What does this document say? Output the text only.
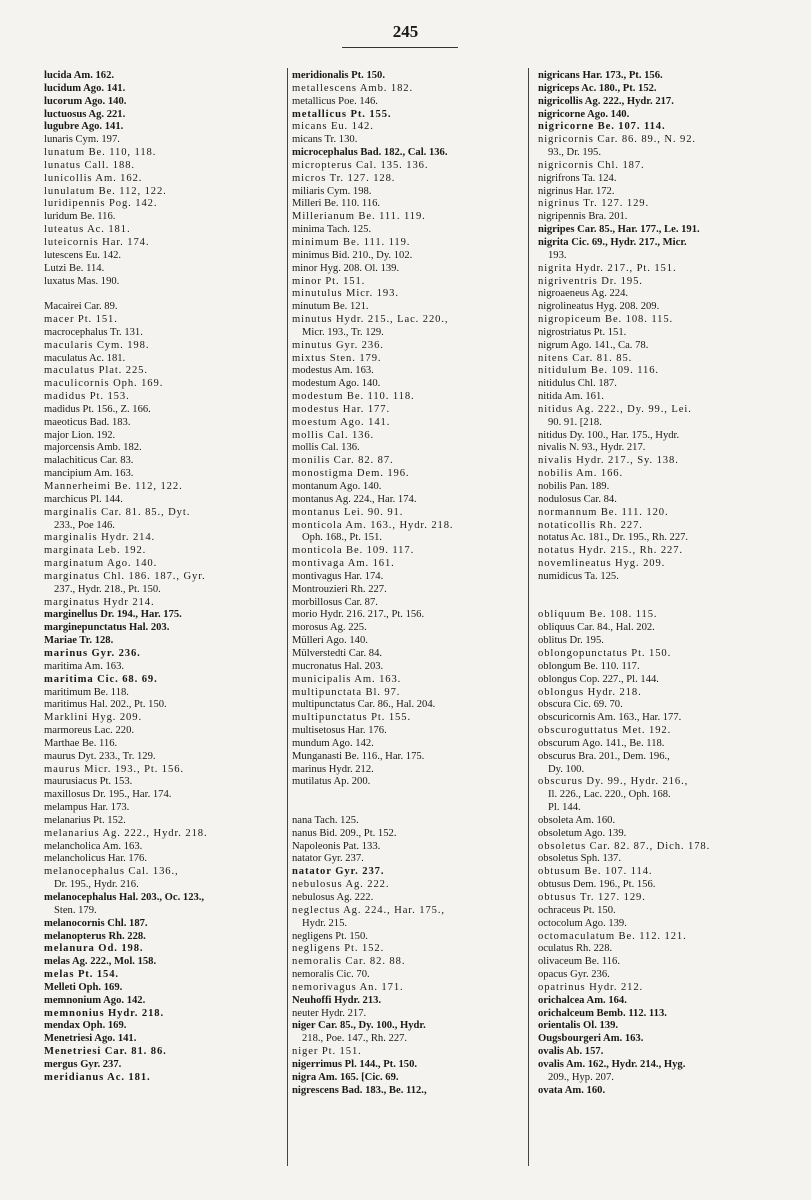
245
lucida Am. 162.
lucidum Ago. 141.
lucorum Ago. 140.
luctuosus Ag. 221.
lugubre Ago. 141.
lunaris Cym. 197.
lunatum Be. 110, 118.
lunatus Call. 188.
lunicollis Am. 162.
lunulatum Be. 112, 122.
luridipennis Pog. 142.
luridum Be. 116.
luteatus Ac. 181.
luteicornis Har. 174.
lutescens Eu. 142.
Lutzi Be. 114.
luxatus Mas. 190.
Macairei Car. 89.
macer Pt. 151.
macrocephalus Tr. 131.
macularis Cym. 198.
maculatus Ac. 181.
maculatus Plat. 225.
maculicornis Oph. 169.
madidus Pt. 153.
madidus Pt. 156., Z. 166.
maeoticus Bad. 183.
major Lion. 192.
majorcensis Amb. 182.
malachiticus Car. 83.
mancipium Am. 163.
Mannerheimi Be. 112, 122.
marchicus Pl. 144.
marginalis Car. 81. 85., Dyt.
233., Poe 146.
marginalis Hydr. 214.
marginata Leb. 192.
marginatum Ago. 140.
marginatus Chl. 186. 187., Gyr.
237., Hydr. 218., Pt. 150.
marginatus Hydr 214.
marginellus Dr. 194., Har. 175.
marginepunctatus Hal. 203.
Mariae Tr. 128.
marinus Gyr. 236.
maritima Am. 163.
maritima Cic. 68. 69.
maritimum Be. 118.
maritimus Hal. 202., Pt. 150.
Marklini Hyg. 209.
marmoreus Lac. 220.
Marthae Be. 116.
maurus Dyt. 233., Tr. 129.
maurus Micr. 193., Pt. 156.
maurusiacus Pt. 153.
maxillosus Dr. 195., Har. 174.
melampus Har. 173.
melanarius Pt. 152.
melanarius Ag. 222., Hydr. 218.
melancholica Am. 163.
melancholicus Har. 176.
melanocephalus Cal. 136.,
Dr. 195., Hydr. 216.
melanocephalus Hal. 203., Oc. 123.,
Sten. 179.
melanocornis Chl. 187.
melanopterus Rh. 228.
melanura Od. 198.
melas Ag. 222., Mol. 158.
melas Pt. 154.
Melleti Oph. 169.
memnonium Ago. 142.
memnonius Hydr. 218.
mendax Oph. 169.
Menetriesi Ago. 141.
Menetriesi Car. 81. 86.
mergus Gyr. 237.
meridianus Ac. 181.
meridionalis Pt. 150.
metallescens Amb. 182.
metallicus Poe. 146.
metallicus Pt. 155.
micans Eu. 142.
micans Tr. 130.
microcephalus Bad. 182., Cal. 136.
micropterus Cal. 135. 136.
micros Tr. 127. 128.
miliaris Cym. 198.
Milleri Be. 110. 116.
Millerianum Be. 111. 119.
minima Tach. 125.
minimum Be. 111. 119.
minimus Bid. 210., Dy. 102.
minor Hyg. 208. Ol. 139.
minor Pt. 151.
minutulus Micr. 193.
minutum Be. 121.
minutus Hydr. 215., Lac. 220.,
Micr. 193., Tr. 129.
minutus Gyr. 236.
mixtus Sten. 179.
modestus Am. 163.
modestum Ago. 140.
modestum Be. 110. 118.
modestus Har. 177.
moestum Ago. 141.
mollis Cal. 136.
mollis Cal. 136.
monilis Car. 82. 87.
monostigma Dem. 196.
montanum Ago. 140.
montanus Ag. 224., Har. 174.
montanus Lei. 90. 91.
monticola Am. 163., Hydr. 218.
Oph. 168., Pt. 151.
monticola Be. 109. 117.
montivaga Am. 161.
montivagus Har. 174.
Montrouzieri Rh. 227.
morbillosus Car. 87.
morio Hydr. 216. 217., Pt. 156.
morosus Ag. 225.
Mülleri Ago. 140.
Mülverstedti Car. 84.
mucronatus Hal. 203.
municipalis Am. 163.
multipunctata Bl. 97.
multipunctatus Car. 86., Hal. 204.
multipunctatus Pt. 155.
multisetosus Har. 176.
mundum Ago. 142.
Munganasti Be. 116., Har. 175.
marinus Hydr. 212.
mutilatus Ap. 200.
nana Tach. 125.
nanus Bid. 209., Pt. 152.
Napoleonis Pat. 133.
natator Gyr. 237.
natator Gyr. 237.
nebulosus Ag. 222.
nebulosus Ag. 222.
neglectus Ag. 224., Har. 175.,
Hydr. 215.
negligens Pt. 150.
negligens Pt. 152.
nemoralis Car. 82. 88.
nemoralis Cic. 70.
nemorivagus An. 171.
Neuhoffi Hydr. 213.
neuter Hydr. 217.
niger Car. 85., Dy. 100., Hydr.
218., Poe. 147., Rh. 227.
niger Pt. 151.
nigerrimus Pl. 144., Pt. 150.
nigra Am. 165. [Cic. 69.
nigrescens Bad. 183., Be. 112.,
nigricans Har. 173., Pt. 156.
nigriceps Ac. 180., Pt. 152.
nigricollis Ag. 222., Hydr. 217.
nigricorne Ago. 140.
nigricorne Be. 107. 114.
nigricornis Car. 86. 89., N. 92.
93., Dr. 195.
nigricornis Chl. 187.
nigrifrons Ta. 124.
nigrinus Har. 172.
nigrinus Tr. 127. 129.
nigripennis Bra. 201.
nigripes Car. 85., Har. 177., Le. 191.
nigrita Cic. 69., Hydr. 217., Micr.
193.
nigrita Hydr. 217., Pt. 151.
nigriventris Dr. 195.
nigroaeneus Ag. 224.
nigrolineatus Hyg. 208. 209.
nigropiceum Be. 108. 115.
nigrostriatus Pt. 151.
nigrum Ago. 141., Ca. 78.
nitens Car. 81. 85.
nitidulum Be. 109. 116.
nitidulus Chl. 187.
nitida Am. 161.
nitidus Ag. 222., Dy. 99., Lei.
90. 91. [218.
nitidus Dy. 100., Har. 175., Hydr.
nivalis N. 93., Hydr. 217.
nivalis Hydr. 217., Sy. 138.
nobilis Am. 166.
nobilis Pan. 189.
nodulosus Car. 84.
normannum Be. 111. 120.
notaticollis Rh. 227.
notatus Ac. 181., Dr. 195., Rh. 227.
notatus Hydr. 215., Rh. 227.
novemlineatus Hyg. 209.
numidicus Ta. 125.
obliquum Be. 108. 115.
obliquus Car. 84., Hal. 202.
oblitus Dr. 195.
oblongopunctatus Pt. 150.
oblongum Be. 110. 117.
oblongus Cop. 227., Pl. 144.
oblongus Hydr. 218.
obscura Cic. 69. 70.
obscuricornis Am. 163., Har. 177.
obscuroguttatus Met. 192.
obscurum Ago. 141., Be. 118.
obscurus Bra. 201., Dem. 196.,
Dy. 100.
obscurus Dy. 99., Hydr. 216.,
Il. 226., Lac. 220., Oph. 168.
Pl. 144.
obsoleta Am. 160.
obsoletum Ago. 139.
obsoletus Car. 82. 87., Dich. 178.
obsoletus Sph. 137.
obtusum Be. 107. 114.
obtusus Dem. 196., Pt. 156.
obtusus Tr. 127. 129.
ochraceus Pt. 150.
octocolum Ago. 139.
octomaculatum Be. 112. 121.
oculatus Rh. 228.
olivaceum Be. 116.
opacus Gyr. 236.
opatrinus Hydr. 212.
orichalcea Am. 164.
orichalceum Bemb. 112. 113.
orientalis Ol. 139.
Ougsbourgeri Am. 163.
ovalis Ab. 157.
ovalis Am. 162., Hydr. 214., Hyg.
209., Hyp. 207.
ovata Am. 160.
